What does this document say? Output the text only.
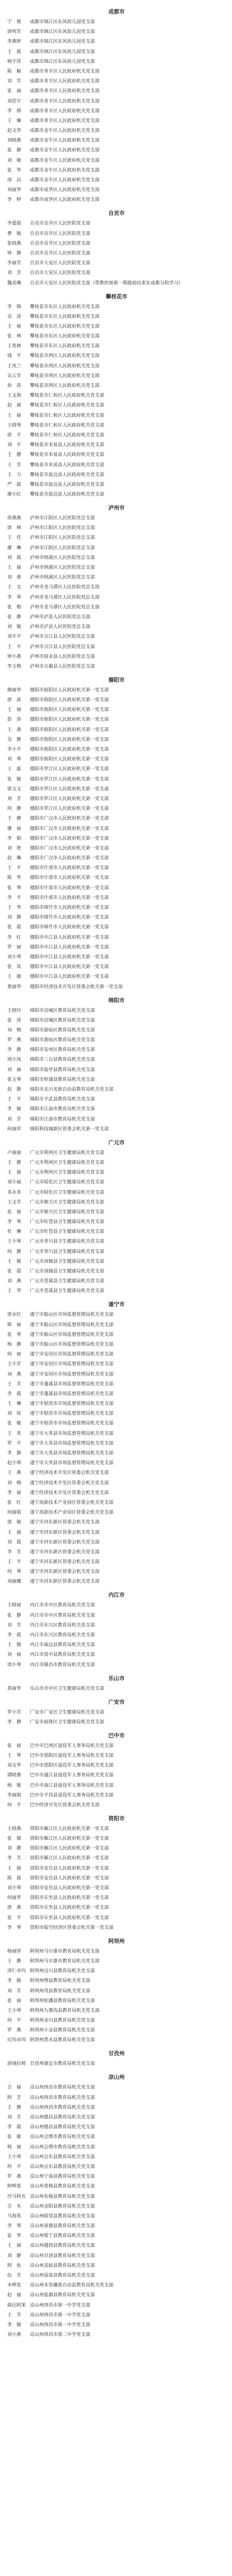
成都市
宁　俊	成都市锦江区东风幼儿园党支部
唐明芳	成都市锦江区东风幼儿园党支部
李燕婷	成都市锦江区东风幼儿园党支部
王　霞	成都市锦江区东风幼儿园党支部
杨宇萍	成都市锦江区东风幼儿园党支部
陈　颖	成都市青羊区人民政府机关党支部
刘　芳	成都市青羊区人民政府机关党支部
张　丽	成都市青羊区人民政府机关党支部
刘思宇	成都市青羊区人民政府机关党支部
李　倩	成都市青羊区人民政府机关党支部
王　琳	成都市青羊区人民政府机关党支部
赵文华	成都市金牛区人民政府机关党支部
刘晓燕	成都市金牛区人民政府机关党支部
张　静	成都市金牛区人民政府机关党支部
刘　敏	成都市金牛区人民政府机关党支部
张　华	成都市金牛区人民政府机关党支部
周　洁	成都市金牛区人民政府机关党支部
刘丽华	成都市成华区人民政府机关党支部
李　婷	成都市成华区人民政府机关党支部
自贡市
李爱霞	自贡市贡井区人民医院党支部
曹　敏	自贡市贡井区人民医院党支部
张晓燕	自贡市贡井区人民医院党支部
钟　静	自贡市贡井区人民医院党支部
李丽芳	自贡市大安区人民医院党支部
刘　芳	自贡市大安区人民医院党支部
魏美琳	自贡市大安区人民医院党支部（带教医师第一期提前结束在成都分院学习）
攀枝花市
李　锦	攀枝花市东区人民政府机关党支部
吴　涛	攀枝花市东区人民政府机关党支部
王　丽	攀枝花市东区人民政府机关党支部
张　林	攀枝花市东区人民政府机关党支部
王兆林	攀枝花市东区人民政府机关党支部
钱　平	攀枝花市西区人民政府机关党支部
王凤兰	攀枝花市西区人民政府机关党支部
吴云芳	攀枝花市西区人民政府机关党支部
孙　涛	攀枝花市西区人民政府机关党支部
王文海	攀枝花市仁和区人民政府机关党支部
赵　丽	攀枝花市仁和区人民政府机关党支部
王　丽	攀枝花市仁和区人民政府机关党支部
王晓琴	攀枝花市仁和区人民政府机关党支部
唐　平	攀枝花市仁和区人民政府机关党支部
刘　平	攀枝花市米易县人民政府机关党支部
王　静	攀枝花市米易县人民政府机关党支部
王　芳	攀枝花市米易县人民政府机关党支部
王　力	攀枝花市盐边县人民政府机关党支部
严　霞	攀枝花市盐边县人民政府机关党支部
廖小红	攀枝花市盐边县人民政府机关党支部
泸州市
徐燕燕	泸州市江阳区人民医院党总支部
唐　林	泸州市江阳区人民医院党总支部
王　佳	泸州市江阳区人民医院党总支部
廖　琳	泸州市江阳区人民医院党总支部
刘　霞	泸州市纳溪区人民医院党总支部
王　丽	泸州市纳溪区人民医院党总支部
刘　燕	泸州市纳溪区人民医院党总支部
王　文	泸州市龙马潭区人民医院党总支部
李　琴	泸州市龙马潭区人民医院党总支部
张　梅	泸州市龙马潭区人民医院党总支部
张　静	泸州市泸县人民医院党总支部
刘　敏	泸州市泸县人民医院党总支部
刘平平	泸州市合江县人民医院党总支部
王　平	泸州市合江县人民医院党总支部
钟小燕	泸州市叙永县人民医院党总支部
李玉梅	泸州市古蔺县人民医院党总支部
德阳市
颜丽华	德阳市旌阳区人民政府机关第一党支部
唐　波	德阳市旌阳区人民政府机关第一党支部
王　丽	德阳市旌阳区人民政府机关第一党支部
彭　涛	德阳市旌阳区人民政府机关第一党支部
王　燕	德阳市旌阳区人民政府机关第一党支部
吴　静	德阳市旌阳区人民政府机关第一党支部
李小平	德阳市旌阳区人民政府机关第一党支部
刘　琴	德阳市旌阳区人民政府机关第一党支部
王　磊	德阳市罗江区人民政府机关第一党支部
张　敏	德阳市罗江区人民政府机关第一党支部
唐文文	德阳市罗江区人民政府机关第一党支部
刘　芳	德阳市罗江区人民政府机关第一党支部
何　静	德阳市罗江区人民政府机关第一党支部
王　静	德阳市广汉市人民政府机关第一党支部
廖　丽	德阳市广汉市人民政府机关第一党支部
李　娟	德阳市广汉市人民政府机关第一党支部
刘　艳	德阳市广汉市人民政府机关第一党支部
赵　琳	德阳市广汉市人民政府机关第一党支部
王　平	德阳市什邡市人民政府机关第一党支部
陈　华	德阳市什邡市人民政府机关第一党支部
张　琴	德阳市什邡市人民政府机关第一党支部
李　平	德阳市什邡市人民政府机关第一党支部
王　华	德阳市绵竹市人民政府机关第一党支部
刘　静	德阳市绵竹市人民政府机关第一党支部
张　霞	德阳市绵竹市人民政府机关第一党支部
李　红	德阳市中江县人民政府机关第一党支部
罗　丽	德阳市中江县人民政府机关第一党支部
刘小琴	德阳市中江县人民政府机关第一党支部
张　凤	德阳市中江县人民政府机关第一党支部
王　敏	德阳市中江县人民政府机关第一党支部
黄丽华	德阳市经济技术开发区管委会机关第一党支部
绵阳市
王晓玲	绵阳市涪城区教育局机关党支部
张　涛	绵阳市涪城区教育局机关党支部
刘　梅	绵阳市游仙区教育局机关党支部
罗　燕	绵阳市游仙区教育局机关党支部
李　静	绵阳市安州区教育局机关党支部
周小凤	绵阳市三台县教育局机关党支部
刘　丽	绵阳市盐亭县教育局机关党支部
张玉琴	绵阳市梓潼县教育局机关党支部
赵　静	绵阳市北川羌族自治县教育局机关党支部
王　平	绵阳市平武县教育局机关党支部
李　敏	绵阳市江油市教育局机关党支部
刘　芳	绵阳市江油市教育局机关党支部
何丽萍	绵阳科技城新区管委会机关第一党支部
广元市
卢丽丽	广元市利州区卫生健康局机关党支部
王　静	广元市利州区卫生健康局机关党支部
王　丽	广元市利州区卫生健康局机关党支部
刘小丽	广元市昭化区卫生健康局机关党支部
邓永英	广元市昭化区卫生健康局机关党支部
王文芳	广元市朝天区卫生健康局机关党支部
张　丽	广元市朝天区卫生健康局机关党支部
李　琴	广元市旺苍县卫生健康局机关党支部
杜　琳	广元市旺苍县卫生健康局机关党支部
王小琴	广元市青川县卫生健康局机关党支部
何　静	广元市青川县卫生健康局机关党支部
王　敏	广元市剑阁县卫生健康局机关党支部
张　霞	广元市剑阁县卫生健康局机关党支部
刘　燕	广元市苍溪县卫生健康局机关党支部
王　华	广元市苍溪县卫生健康局机关党支部
遂宁市
唐永红	遂宁市船山区市场监督管理局机关党支部
陈　丽	遂宁市船山区市场监督管理局机关党支部
张　琴	遂宁市船山区市场监督管理局机关党支部
杨　静	遂宁市船山区市场监督管理局机关党支部
何　丽	遂宁市安居区市场监督管理局机关党支部
王小芳	遂宁市安居区市场监督管理局机关党支部
刘　燕	遂宁市安居区市场监督管理局机关党支部
王　芳	遂宁市蓬溪县市场监督管理局机关党支部
李　霞	遂宁市蓬溪县市场监督管理局机关党支部
王　琳	遂宁市射洪市市场监督管理局机关党支部
刘　琼	遂宁市射洪市市场监督管理局机关党支部
张　敏	遂宁市射洪市市场监督管理局机关党支部
王　英	遂宁市大英县市场监督管理局机关党支部
罗　平	遂宁市大英县市场监督管理局机关党支部
李　静	遂宁市大英县市场监督管理局机关党支部
赵小琴	遂宁市大英县市场监督管理局机关党支部
王　燕	遂宁经济技术开发区管委会机关党支部
刘　梅	遂宁经济技术开发区管委会机关党支部
李　丽	遂宁经济技术开发区管委会机关党支部
张　红	遂宁高新技术产业园区管委会机关党支部
何丽娟	遂宁高新技术产业园区管委会机关党支部
唐　敏	遂宁市河东新区管委会机关党支部
王　丽	遂宁市河东新区管委会机关党支部
刘　霞	遂宁市河东新区管委会机关党支部
李　芳	遂宁市河东新区管委会机关党支部
王　平	遂宁市河东新区管委会机关党支部
何　琴	遂宁市河东新区管委会机关党支部
刘丽娜	遂宁市河东新区管委会机关党支部
内江市
王晓丽	内江市市中区教育局机关党支部
张　静	内江市市中区教育局机关党支部
刘　芳	内江市东兴区教育局机关党支部
李　霞	内江市东兴区教育局机关党支部
王　敏	内江市威远县教育局机关党支部
刘　丽	内江市资中县教育局机关党支部
周小琴	内江市隆昌市教育局机关党支部
乐山市
黄丽华	乐山市市中区卫生健康局机关党支部
广安市
罗小芳	广安市广安区卫生健康局机关党支部
李　静	广安市前锋区卫生健康局机关党支部
巴中市
张　丽	巴中市巴州区退役军人事务局机关党支部
王　琴	巴中市恩阳区退役军人事务局机关党支部
刘文华	巴中市恩阳区退役军人事务局机关党支部
谭晓燕	巴中市通江县退役军人事务局机关党支部
杨　敏	巴中市南江县退役军人事务局机关党支部
李丽娟	巴中市平昌县退役军人事务局机关党支部
何　平	巴中经济开发区管委会机关党支部
资阳市
王晓燕	资阳市雁江区人民政府机关第一党支部
张　敏	资阳市雁江区人民政府机关第一党支部
刘　静	资阳市雁江区人民政府机关第一党支部
李　芳	资阳市雁江区人民政府机关第一党支部
王　丽	资阳市安岳县人民政府机关第一党支部
陈　霞	资阳市安岳县人民政府机关第一党支部
刘小琴	资阳市安岳县人民政府机关第一党支部
何丽华	资阳市乐至县人民政府机关第一党支部
唐　燕	资阳市乐至县人民政府机关第一党支部
张　平	资阳市乐至县人民政府机关第一党支部
李　琴	资阳市临空经济区管委会机关第一党支部
阿坝州
杨丽萍	阿坝州马尔康市教育局机关党支部
王　静	阿坝州马尔康市教育局机关党支部
泽仁卓玛 阿坝州汶川县教育局机关党支部
李　敏	阿坝州理县教育局机关党支部
刘　芳	阿坝州茂县教育局机关党支部
张　丽	阿坝州松潘县教育局机关党支部
王小琴	阿坝州九寨沟县教育局机关党支部
何　平	阿坝州金川县教育局机关党支部
罗　燕	阿坝州小金县教育局机关党支部
尼玛卓玛 阿坝州黑水县教育局机关党支部
甘孜州
洛绒拉姆 甘孜州康定市教育局机关党支部
凉山州
吉　丽	凉山州西昌市教育局机关党支部
阿　芝	凉山州西昌市教育局机关党支部
王　静	凉山州西昌市教育局机关党支部
刘　芳	凉山州德昌县教育局机关党支部
李　霞	凉山州德昌县教育局机关党支部
张　敏	凉山州会理市教育局机关党支部
杨　丽	凉山州会理市教育局机关党支部
王小琴	凉山州会东县教育局机关党支部
何　平	凉山州会东县教育局机关党支部
罗　燕	凉山州宁南县教育局机关党支部
阿呷莫	凉山州普格县教育局机关党支部
沙马阿衣 凉山州布拖县教育局机关党支部
吉　木	凉山州金阳县教育局机关党支部
马海英	凉山州昭觉县教育局机关党支部
李　琴	凉山州喜德县教育局机关党支部
张　华	凉山州冕宁县教育局机关党支部
王　丽	凉山州越西县教育局机关党支部
刘　静	凉山州甘洛县教育局机关党支部
阿　依	凉山州美姑县教育局机关党支部
伍　芳	凉山州雷波县教育局机关党支部
木呷莫	凉山州木里藏族自治县教育局机关党支部
赵　丽	凉山州盐源县教育局机关党支部
曲比阿果 凉山州西昌市第一中学党支部
王　芳	凉山州西昌市第一中学党支部
李　敏	凉山州西昌市第一中学党支部
刘小燕	凉山州西昌市第二中学党支部
